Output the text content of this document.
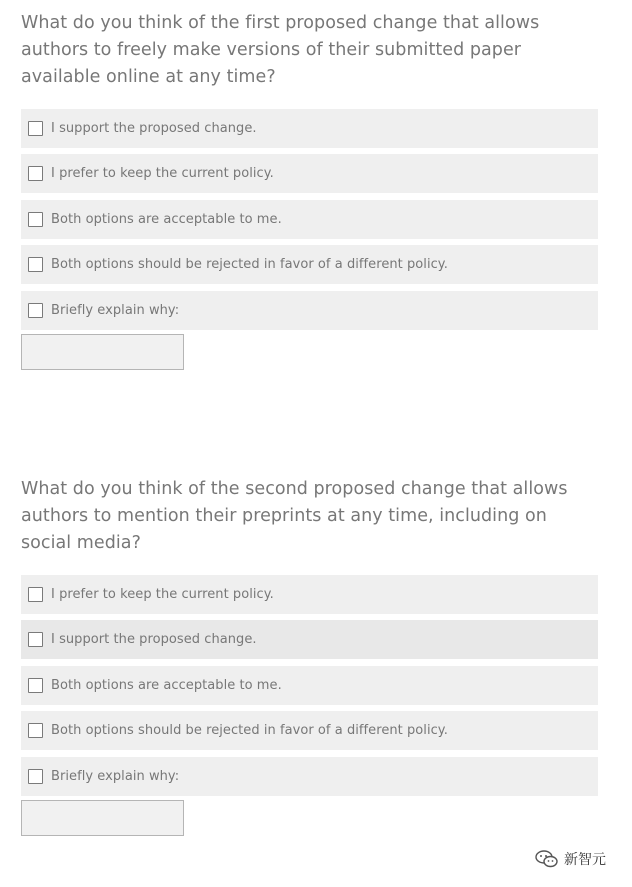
What do you think of the first proposed change that allows authors to freely make versions of their submitted paper available online at any time?

I support the proposed change.
I prefer to keep the current policy.
Both options are acceptable to me.
Both options should be rejected in favor of a different policy.
Briefly explain why:

What do you think of the second proposed change that allows authors to mention their preprints at any time, including on social media?

I prefer to keep the current policy.
I support the proposed change.
Both options are acceptable to me.
Both options should be rejected in favor of a different policy.
Briefly explain why:
新智元
